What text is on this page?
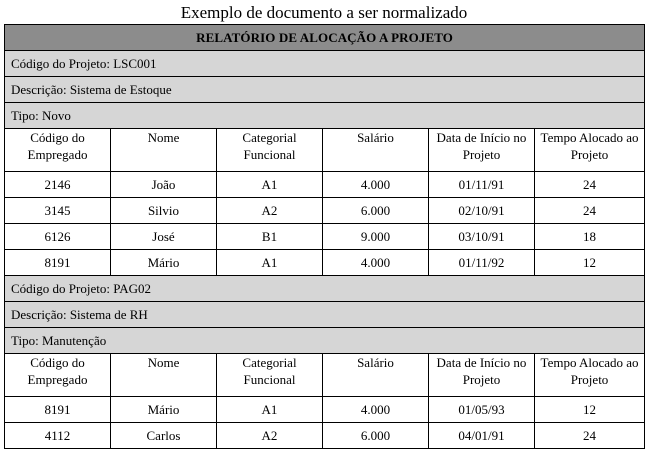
Exemplo de documento a ser normalizado
RELATÓRIO DE ALOCAÇÃO A PROJETO					
Código do Projeto: LSC001					
Descrição: Sistema de Estoque					
Tipo: Novo					
Código do Empregado	Nome	Categorial Funcional	Salário	Data de Início no Projeto	Tempo Alocado ao Projeto
2146	João	A1	4.000	01/11/91	24
3145	Silvio	A2	6.000	02/10/91	24
6126	José	B1	9.000	03/10/91	18
8191	Mário	A1	4.000	01/11/92	12
Código do Projeto: PAG02					
Descrição: Sistema de RH					
Tipo: Manutenção					
Código do Empregado	Nome	Categorial Funcional	Salário	Data de Início no Projeto	Tempo Alocado ao Projeto
8191	Mário	A1	4.000	01/05/93	12
4112	Carlos	A2	6.000	04/01/91	24
